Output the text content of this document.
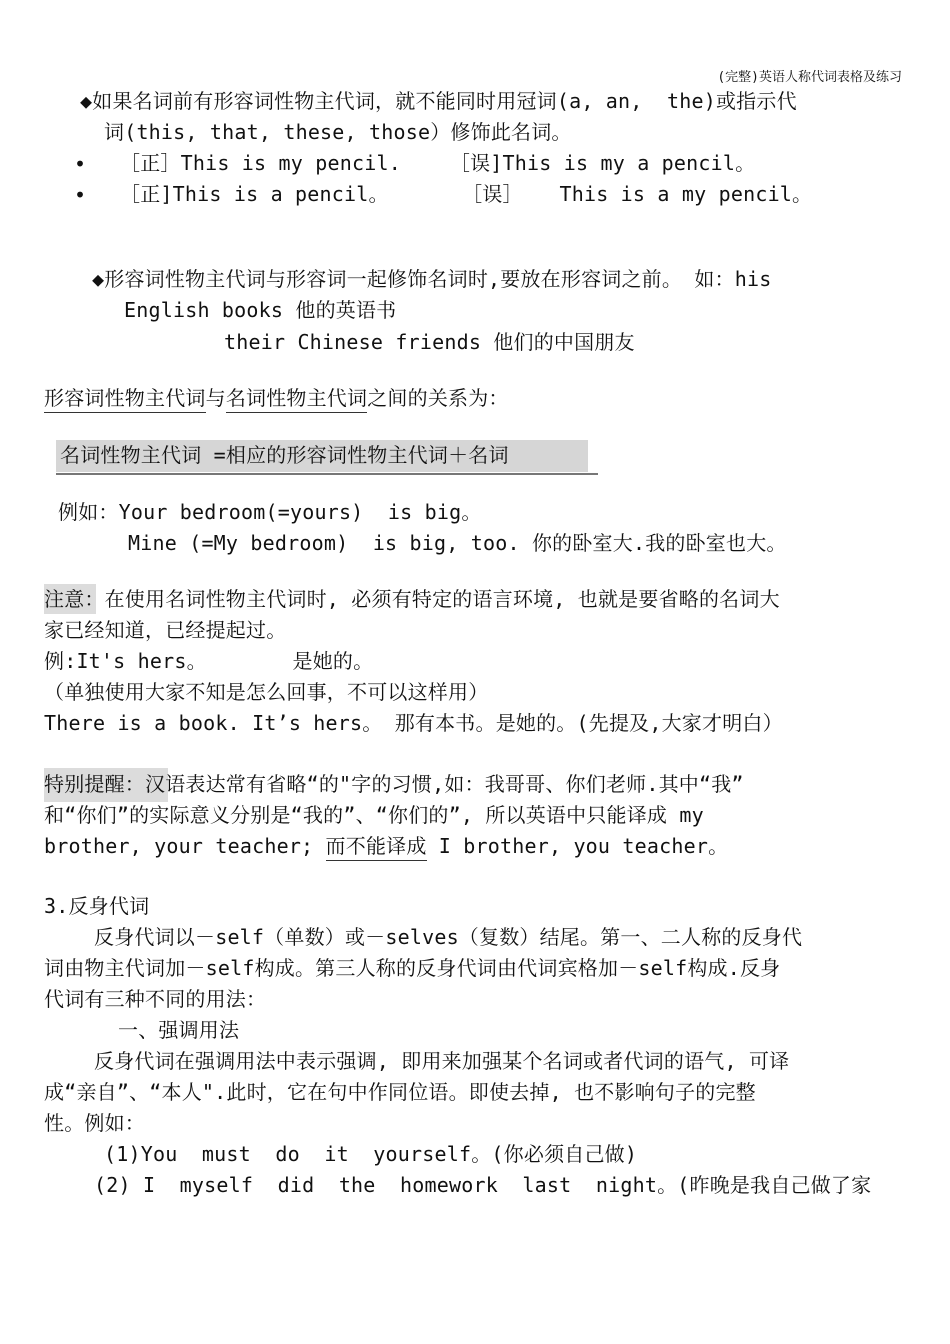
(完整)英语人称代词表格及练习
◆如果名词前有形容词性物主代词，就不能同时用冠词(a, an,  the)或指示代
词(this, that, these, those）修饰此名词。
• ［正］This is my pencil.    ［误]This is my a pencil。
• ［正]This is a pencil。      ［误］   This is a my pencil。
◆形容词性物主代词与形容词一起修饰名词时,要放在形容词之前。 如：his
English books 他的英语书
their Chinese friends 他们的中国朋友
形容词性物主代词与名词性物主代词之间的关系为：
名词性物主代词 =相应的形容词性物主代词＋名词
例如：Your bedroom(=yours)  is big。
Mine (=My bedroom)  is big, too. 你的卧室大.我的卧室也大。
注意：在使用名词性物主代词时, 必须有特定的语言环境, 也就是要省略的名词大
家已经知道，已经提起过。
例:It's hers。       是她的。
（单独使用大家不知是怎么回事，不可以这样用）
There is a book. It’s hers。 那有本书。是她的。(先提及,大家才明白）
特别提醒：汉语表达常有省略“的"字的习惯,如：我哥哥、你们老师.其中“我”
和“你们”的实际意义分别是“我的”、“你们的”, 所以英语中只能译成 my
brother, your teacher; 而不能译成 I brother, you teacher。
3.反身代词
反身代词以－self（单数）或－selves（复数）结尾。第一、二人称的反身代
词由物主代词加－self构成。第三人称的反身代词由代词宾格加－self构成.反身
代词有三种不同的用法：
一、强调用法
反身代词在强调用法中表示强调, 即用来加强某个名词或者代词的语气, 可译
成“亲自”、“本人".此时，它在句中作同位语。即使去掉, 也不影响句子的完整
性。例如：
(1)You  must  do  it  yourself。(你必须自己做)
(2) I  myself  did  the  homework  last  night。(昨晚是我自己做了家
